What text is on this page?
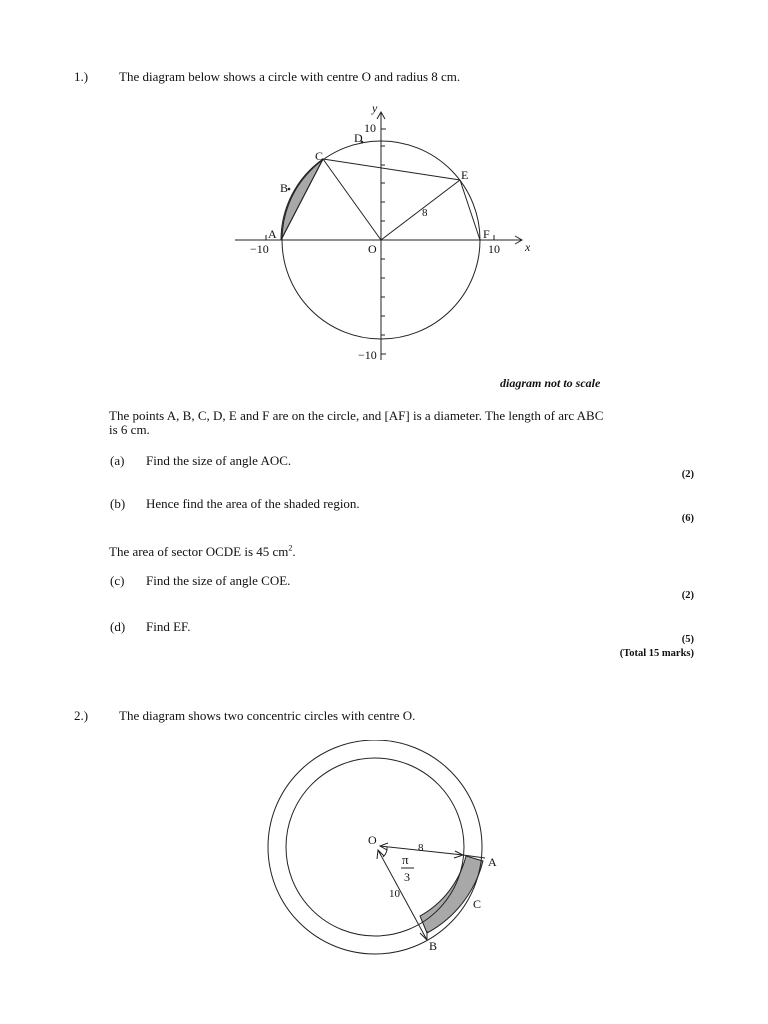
1.) The diagram below shows a circle with centre O and radius 8 cm.
y
x
10
−10
−10	10
O
8
A
B
C
D
E
F
diagram not to scale
The points A, B, C, D, E and F are on the circle, and [AF] is a diameter. The length of arc ABC
is 6 cm.
(a) Find the size of angle AOC.
(2)
(b) Hence find the area of the shaded region.
(6)
The area of sector OCDE is 45 $cm^2$.
(c) Find the size of angle COE.
(2)
(d) Find EF.
(5)
(Total 15 marks)
2.) The diagram shows two concentric circles with centre O.
π
3
O
8
10
A
C
B
